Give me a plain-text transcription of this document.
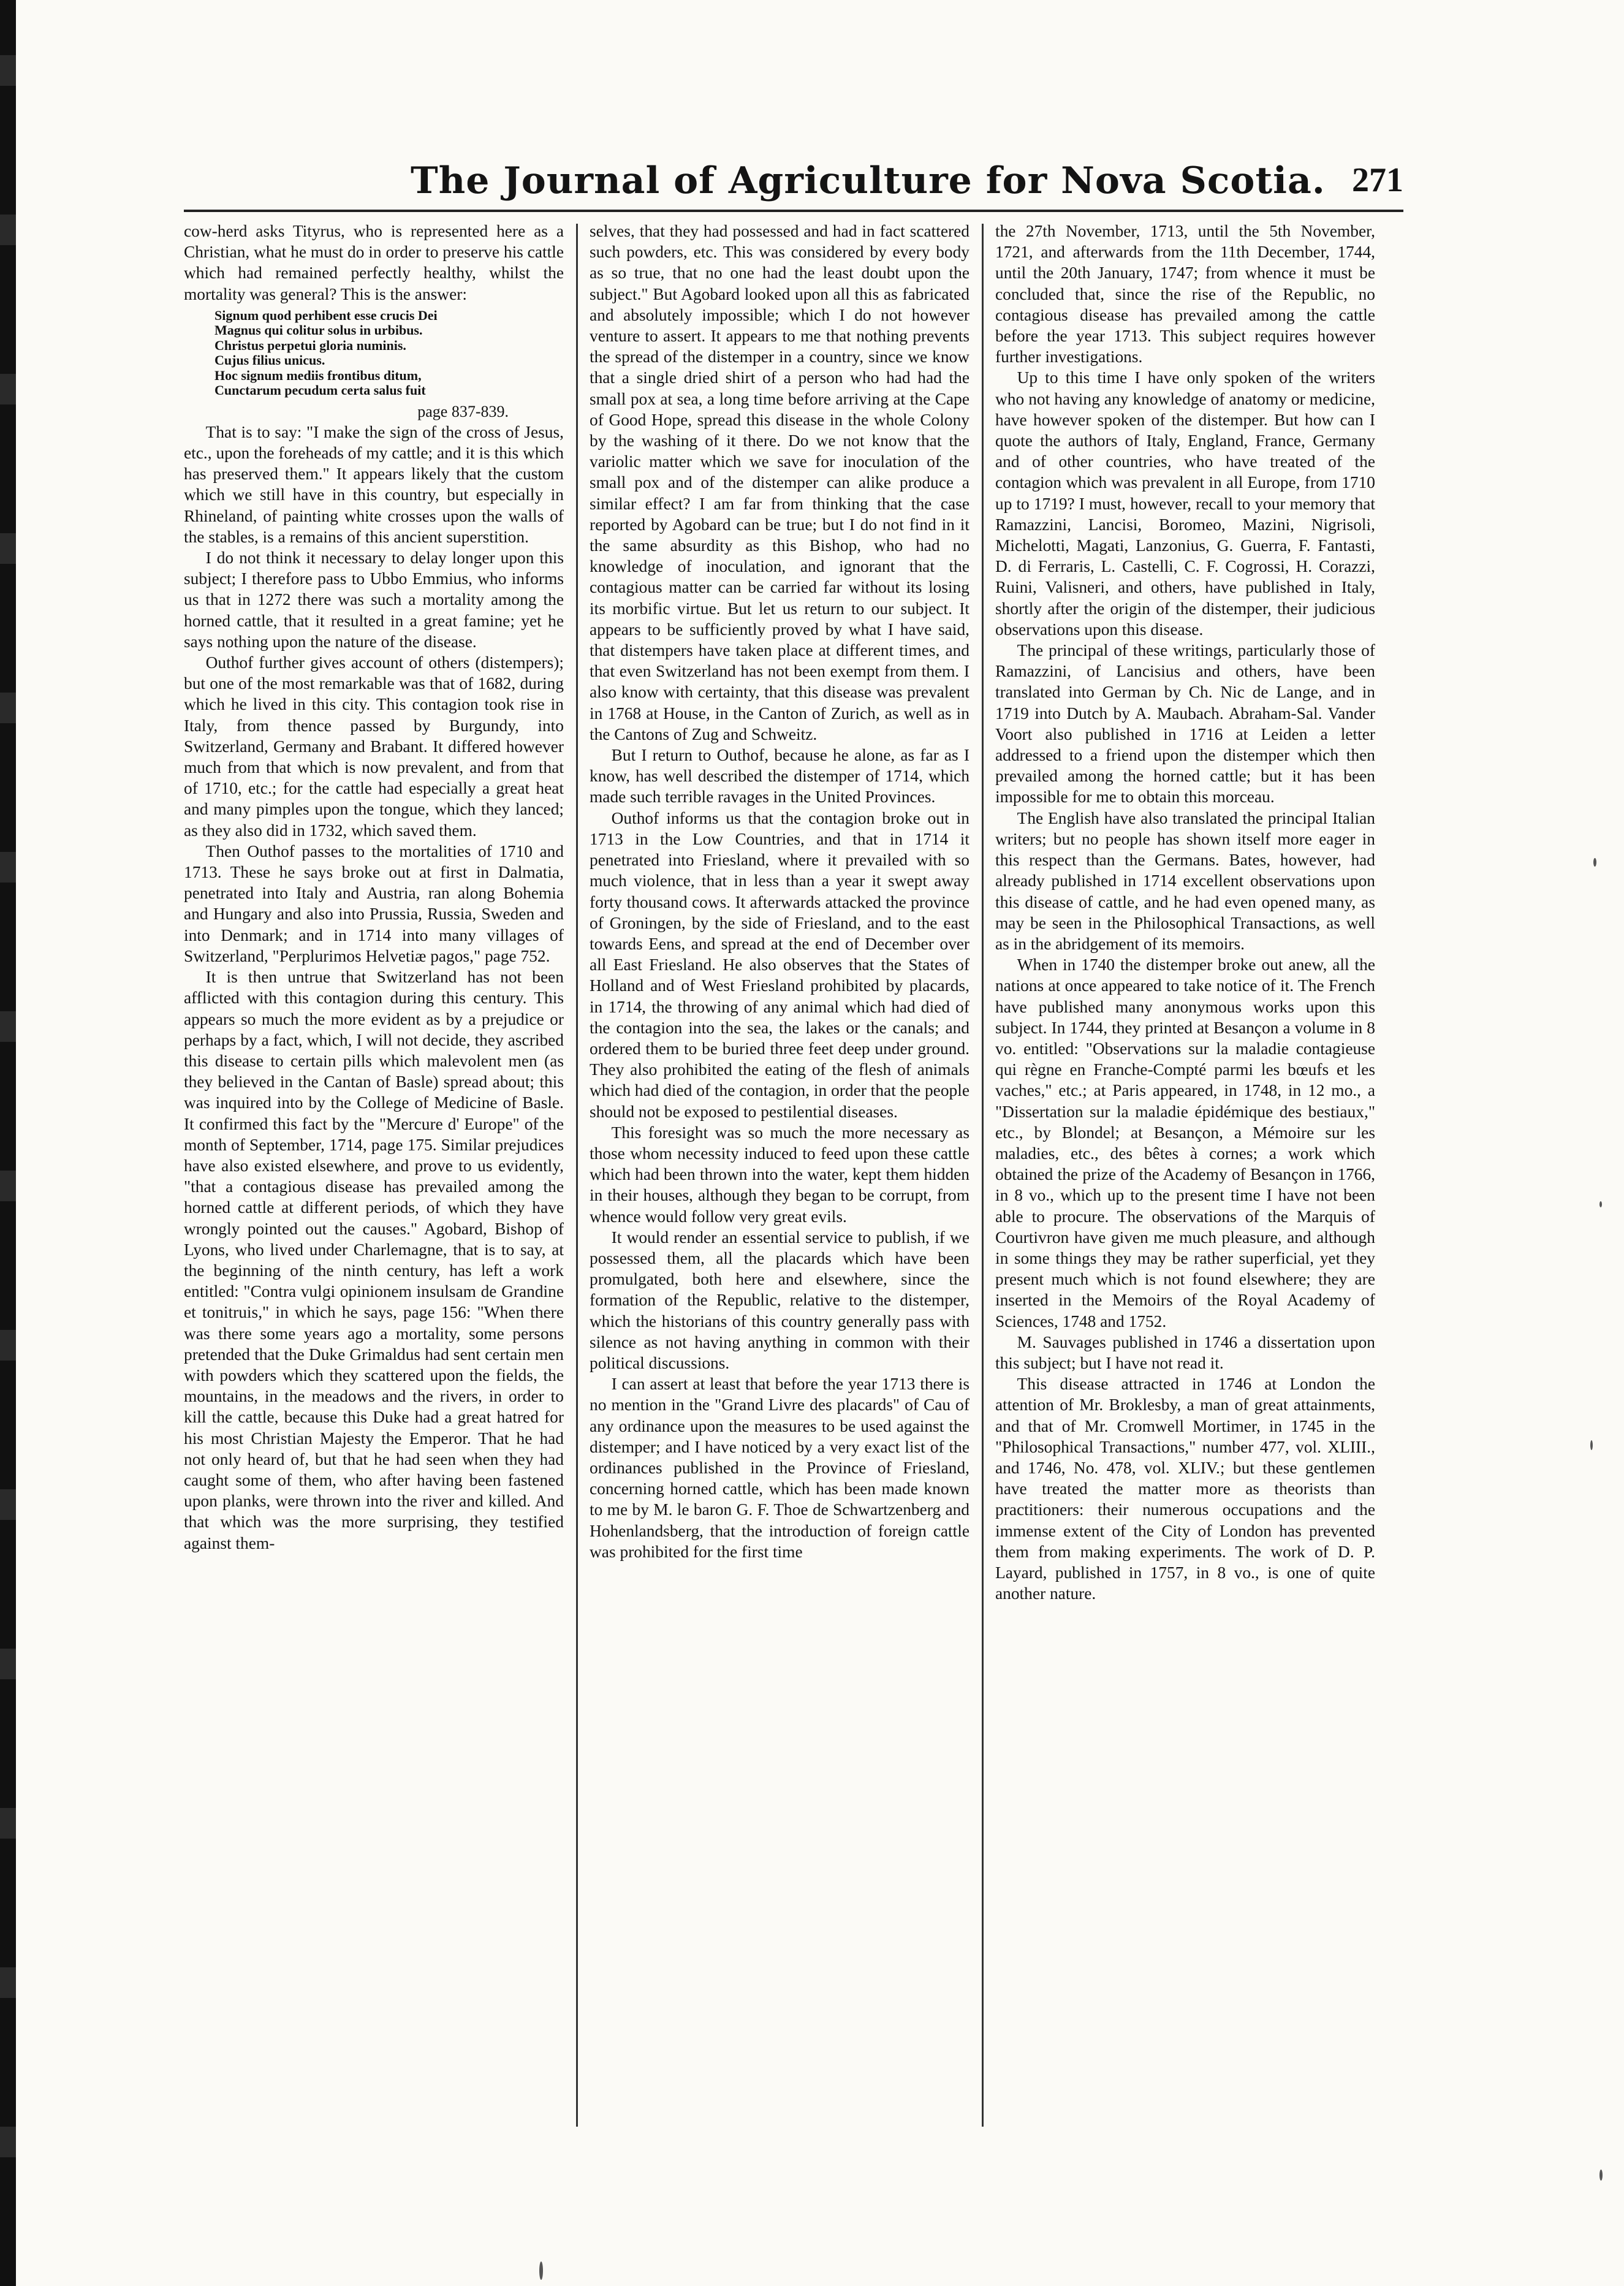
The Journal of Agriculture for Nova Scotia. 271

cow-herd asks Tityrus, who is represented here as a Christian, what he must do in order to preserve his cattle which had remained perfectly healthy, whilst the mortality was general? This is the answer:

Signum quod perhibent esse crucis Dei
Magnus qui colitur solus in urbibus.
Christus perpetui gloria numinis.
Cujus filius unicus.
Hoc signum mediis frontibus ditum,
Cunctarum pecudum certa salus fuit
page 837-839.

That is to say: "I make the sign of the cross of Jesus, etc., upon the foreheads of my cattle; and it is this which has preserved them." It appears likely that the custom which we still have in this country, but especially in Rhineland, of painting white crosses upon the walls of the stables, is a remains of this ancient superstition.

I do not think it necessary to delay longer upon this subject; I therefore pass to Ubbo Emmius, who informs us that in 1272 there was such a mortality among the horned cattle, that it resulted in a great famine; yet he says nothing upon the nature of the disease.

Outhof further gives account of others (distempers); but one of the most remarkable was that of 1682, during which he lived in this city. This contagion took rise in Italy, from thence passed by Burgundy, into Switzerland, Germany and Brabant. It differed however much from that which is now prevalent, and from that of 1710, etc.; for the cattle had especially a great heat and many pimples upon the tongue, which they lanced; as they also did in 1732, which saved them.

Then Outhof passes to the mortalities of 1710 and 1713. These he says broke out at first in Dalmatia, penetrated into Italy and Austria, ran along Bohemia and Hungary and also into Prussia, Russia, Sweden and into Denmark; and in 1714 into many villages of Switzerland, "Perplurimos Helvetiæ pagos," page 752.

It is then untrue that Switzerland has not been afflicted with this contagion during this century. This appears so much the more evident as by a prejudice or perhaps by a fact, which, I will not decide, they ascribed this disease to certain pills which malevolent men (as they believed in the Cantan of Basle) spread about; this was inquired into by the College of Medicine of Basle. It confirmed this fact by the "Mercure d' Europe" of the month of September, 1714, page 175. Similar prejudices have also existed elsewhere, and prove to us evidently, "that a contagious disease has prevailed among the horned cattle at different periods, of which they have wrongly pointed out the causes." Agobard, Bishop of Lyons, who lived under Charlemagne, that is to say, at the beginning of the ninth century, has left a work entitled: "Contra vulgi opinionem insulsam de Grandine et tonitruis," in which he says, page 156: "When there was there some years ago a mortality, some persons pretended that the Duke Grimaldus had sent certain men with powders which they scattered upon the fields, the mountains, in the meadows and the rivers, in order to kill the cattle, because this Duke had a great hatred for his most Christian Majesty the Emperor. That he had not only heard of, but that he had seen when they had caught some of them, who after having been fastened upon planks, were thrown into the river and killed. And that which was the more surprising, they testified against them-

selves, that they had possessed and had in fact scattered such powders, etc. This was considered by every body as so true, that no one had the least doubt upon the subject." But Agobard looked upon all this as fabricated and absolutely impossible; which I do not however venture to assert. It appears to me that nothing prevents the spread of the distemper in a country, since we know that a single dried shirt of a person who had had the small pox at sea, a long time before arriving at the Cape of Good Hope, spread this disease in the whole Colony by the washing of it there. Do we not know that the variolic matter which we save for inoculation of the small pox and of the distemper can alike produce a similar effect? I am far from thinking that the case reported by Agobard can be true; but I do not find in it the same absurdity as this Bishop, who had no knowledge of inoculation, and ignorant that the contagious matter can be carried far without its losing its morbific virtue. But let us return to our subject. It appears to be sufficiently proved by what I have said, that distempers have taken place at different times, and that even Switzerland has not been exempt from them. I also know with certainty, that this disease was prevalent in 1768 at House, in the Canton of Zurich, as well as in the Cantons of Zug and Schweitz.

But I return to Outhof, because he alone, as far as I know, has well described the distemper of 1714, which made such terrible ravages in the United Provinces.

Outhof informs us that the contagion broke out in 1713 in the Low Countries, and that in 1714 it penetrated into Friesland, where it prevailed with so much violence, that in less than a year it swept away forty thousand cows. It afterwards attacked the province of Groningen, by the side of Friesland, and to the east towards Eens, and spread at the end of December over all East Friesland. He also observes that the States of Holland and of West Friesland prohibited by placards, in 1714, the throwing of any animal which had died of the contagion into the sea, the lakes or the canals; and ordered them to be buried three feet deep under ground. They also prohibited the eating of the flesh of animals which had died of the contagion, in order that the people should not be exposed to pestilential diseases.

This foresight was so much the more necessary as those whom necessity induced to feed upon these cattle which had been thrown into the water, kept them hidden in their houses, although they began to be corrupt, from whence would follow very great evils.

It would render an essential service to publish, if we possessed them, all the placards which have been promulgated, both here and elsewhere, since the formation of the Republic, relative to the distemper, which the historians of this country generally pass with silence as not having anything in common with their political discussions.

I can assert at least that before the year 1713 there is no mention in the "Grand Livre des placards" of Cau of any ordinance upon the measures to be used against the distemper; and I have noticed by a very exact list of the ordinances published in the Province of Friesland, concerning horned cattle, which has been made known to me by M. le baron G. F. Thoe de Schwartzenberg and Hohenlandsberg, that the introduction of foreign cattle was prohibited for the first time

the 27th November, 1713, until the 5th November, 1721, and afterwards from the 11th December, 1744, until the 20th January, 1747; from whence it must be concluded that, since the rise of the Republic, no contagious disease has prevailed among the cattle before the year 1713. This subject requires however further investigations.

Up to this time I have only spoken of the writers who not having any knowledge of anatomy or medicine, have however spoken of the distemper. But how can I quote the authors of Italy, England, France, Germany and of other countries, who have treated of the contagion which was prevalent in all Europe, from 1710 up to 1719? I must, however, recall to your memory that Ramazzini, Lancisi, Boromeo, Mazini, Nigrisoli, Michelotti, Magati, Lanzonius, G. Guerra, F. Fantasti, D. di Ferraris, L. Castelli, C. F. Cogrossi, H. Corazzi, Ruini, Valisneri, and others, have published in Italy, shortly after the origin of the distemper, their judicious observations upon this disease.

The principal of these writings, particularly those of Ramazzini, of Lancisius and others, have been translated into German by Ch. Nic de Lange, and in 1719 into Dutch by A. Maubach. Abraham-Sal. Vander Voort also published in 1716 at Leiden a letter addressed to a friend upon the distemper which then prevailed among the horned cattle; but it has been impossible for me to obtain this morceau.

The English have also translated the principal Italian writers; but no people has shown itself more eager in this respect than the Germans. Bates, however, had already published in 1714 excellent observations upon this disease of cattle, and he had even opened many, as may be seen in the Philosophical Transactions, as well as in the abridgement of its memoirs.

When in 1740 the distemper broke out anew, all the nations at once appeared to take notice of it. The French have published many anonymous works upon this subject. In 1744, they printed at Besançon a volume in 8 vo. entitled: "Observations sur la maladie contagieuse qui règne en Franche-Compté parmi les bœufs et les vaches," etc.; at Paris appeared, in 1748, in 12 mo., a "Dissertation sur la maladie épidémique des bestiaux," etc., by Blondel; at Besançon, a Mémoire sur les maladies, etc., des bêtes à cornes; a work which obtained the prize of the Academy of Besançon in 1766, in 8 vo., which up to the present time I have not been able to procure. The observations of the Marquis of Courtivron have given me much pleasure, and although in some things they may be rather superficial, yet they present much which is not found elsewhere; they are inserted in the Memoirs of the Royal Academy of Sciences, 1748 and 1752.

M. Sauvages published in 1746 a dissertation upon this subject; but I have not read it.

This disease attracted in 1746 at London the attention of Mr. Broklesby, a man of great attainments, and that of Mr. Cromwell Mortimer, in 1745 in the "Philosophical Transactions," number 477, vol. XLIII., and 1746, No. 478, vol. XLIV.; but these gentlemen have treated the matter more as theorists than practitioners: their numerous occupations and the immense extent of the City of London has prevented them from making experiments. The work of D. P. Layard, published in 1757, in 8 vo., is one of quite another nature.
